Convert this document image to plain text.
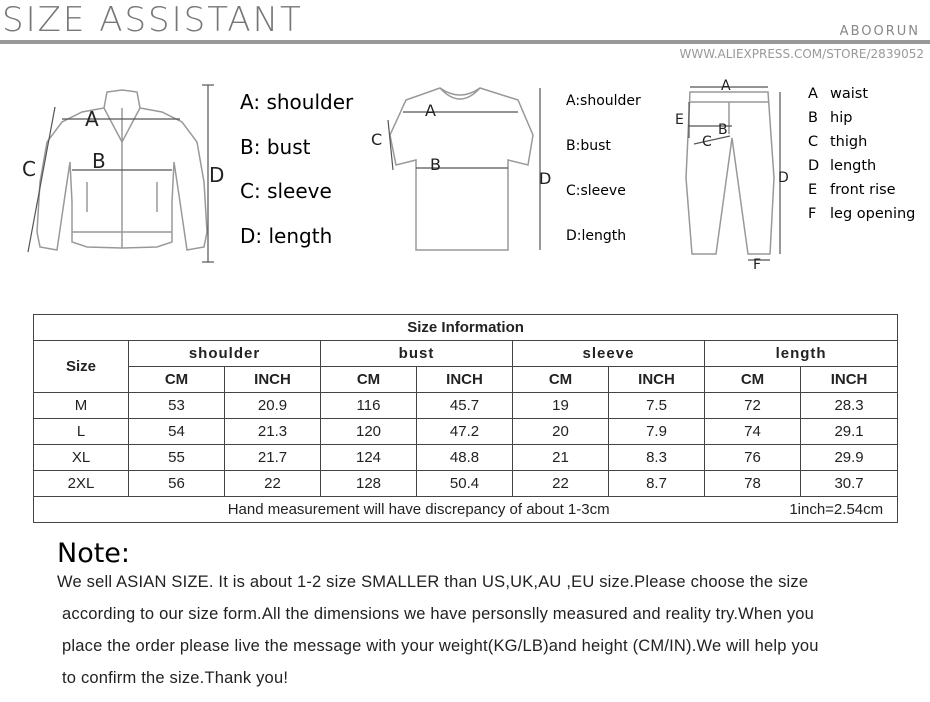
SIZE ASSISTANT	ABOORUN
WWW.ALIEXPRESS.COM/STORE/2839052
A
B
C	D
A: shoulder
B: bust
C: sleeve
D: length
A
B
C
D
A:shoulder
B:bust
C:sleeve
D:length
A
B
C
D
E
F
A waist
B hip
C thigh
D length
E front rise
F leg opening
Size Information								
Size	shoulder		bust		sleeve		length	
	CM	INCH	CM	INCH	CM	INCH	CM	INCH
M	53	20.9	116	45.7	19	7.5	72	28.3
L	54	21.3	120	47.2	20	7.9	74	29.1
XL	55	21.7	124	48.8	21	8.3	76	29.9
2XL	56	22	128	50.4	22	8.7	78	30.7
Hand measurement will have discrepancy of about 1-3cm 1inch=2.54cm								
Note:
We sell ASIAN SIZE. It is about 1-2 size SMALLER than US,UK,AU ,EU size.Please choose the size
according to our size form.All the dimensions we have personslly measured and reality try.When you
place the order please live the message with your weight(KG/LB)and height (CM/IN).We will help you
to confirm the size.Thank you!
